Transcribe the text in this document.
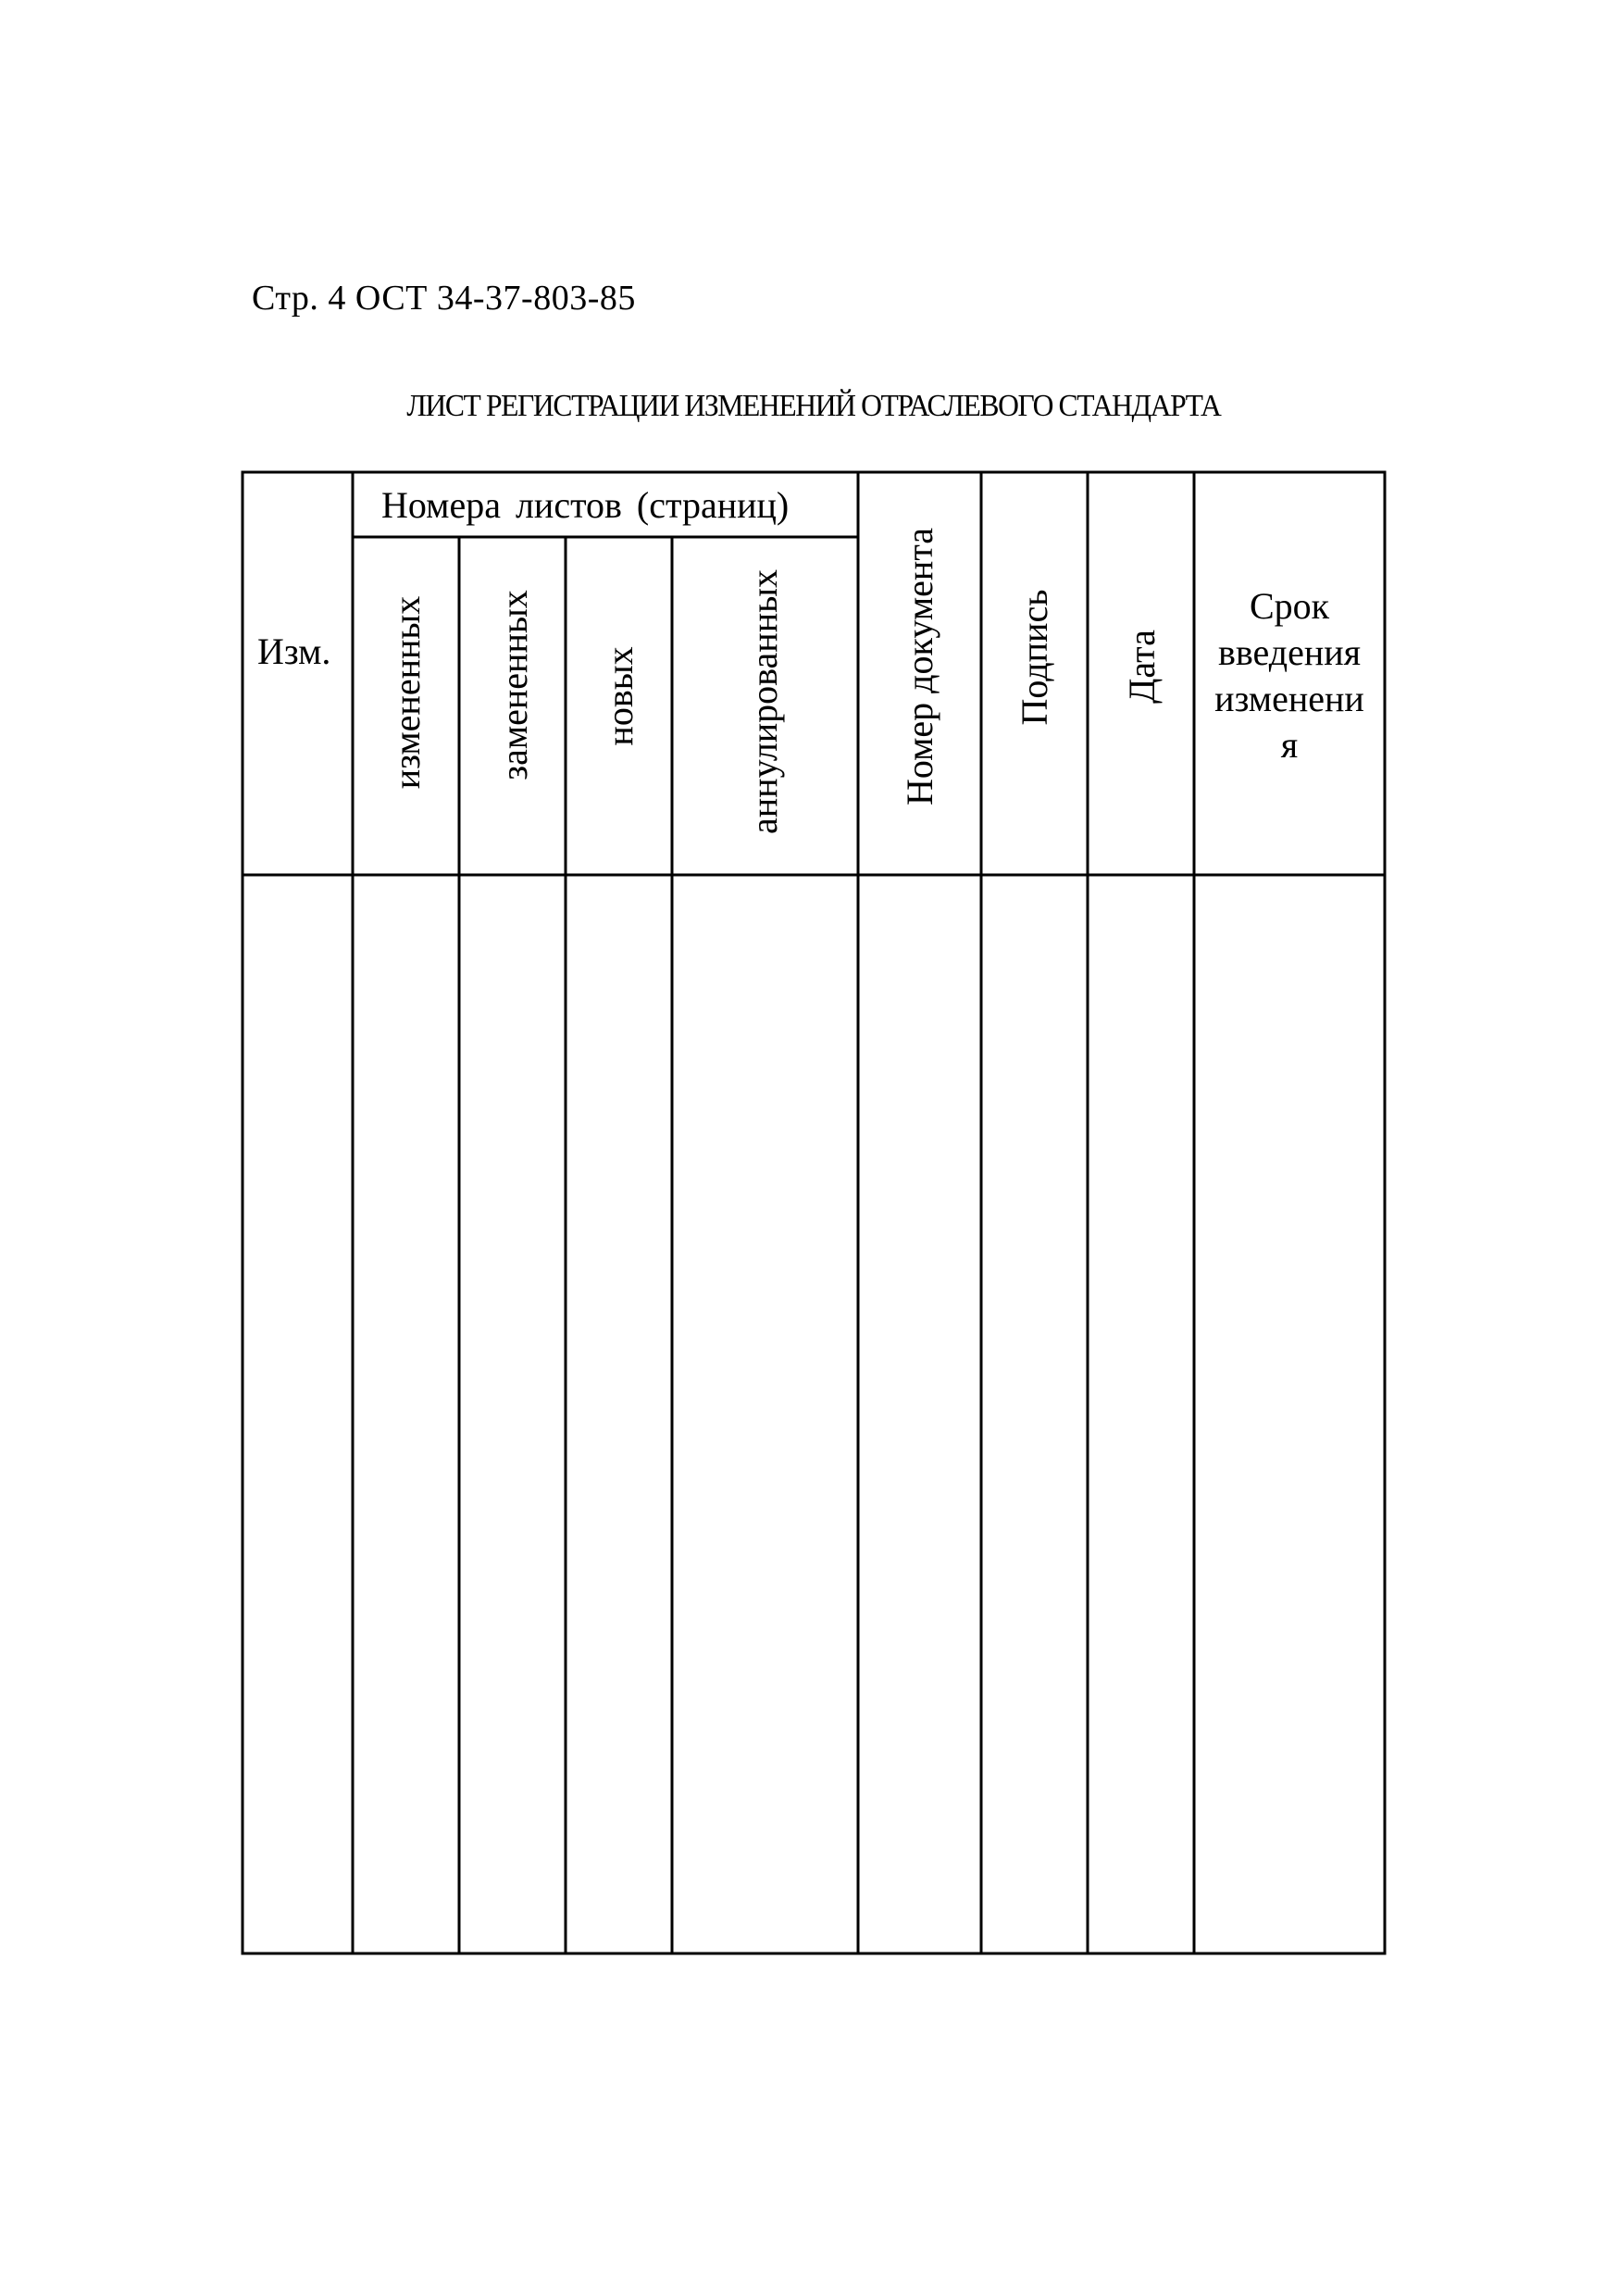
Стр. 4 ОСТ 34-37-803-85
ЛИСТ РЕГИСТРАЦИИ ИЗМЕНЕНИЙ ОТРАСЛЕВОГО СТАНДАРТА
Изм.
Номера листов (страниц)
измененных замененных новых	аннулированных	Номер документа Подпись Дата
Срок
введения
изменени
я
